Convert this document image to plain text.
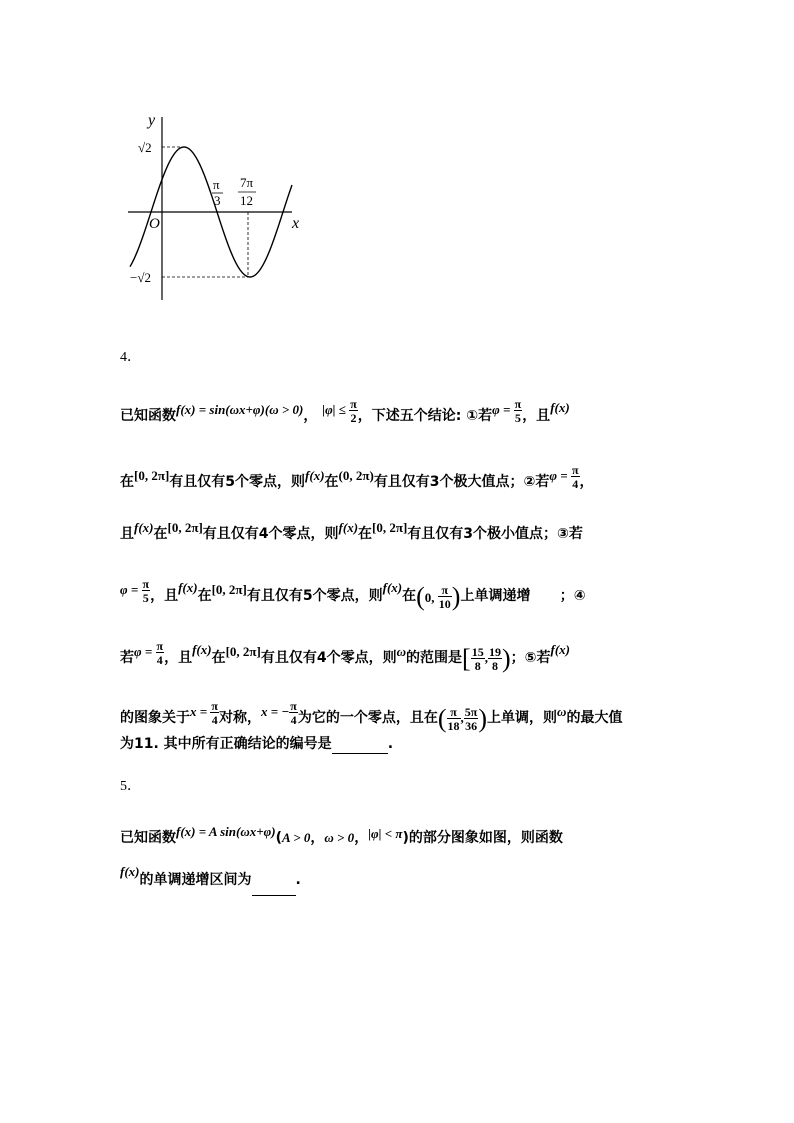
y
x
O
√2
−√2
π
3
7π
12
4．
已知函数f(x) = sin(ωx+φ)(ω > 0)， $|\varphi| \le \frac{\pi}{2}$ ，下述五个结论: ①若$\varphi = \frac{\pi}{5}$ ，且f(x)
在[0, 2π]有且仅有5个零点，则f(x)在(0, 2π)有且仅有3个极大值点；②若$\varphi = \frac{\pi}{4}$ ，
且f(x)在[0, 2π]有且仅有4个零点，则f(x)在[0, 2π]有且仅有3个极小值点；③若
$\varphi = \frac{\pi}{5}$ ，且f(x)在[0, 2π]有且仅有5个零点，则f(x)在(0, $\frac{\pi}{10}$ )上单调递增 ；④
若$\varphi = \frac{\pi}{4}$ ，且f(x)在[0, 2π]有且仅有4个零点，则ω的范围是[ $\frac{15}{8}$ , $\frac{19}{8}$ )；⑤若f(x)
的图象关于$x = \frac{\pi}{4}$ 对称，x = − $\frac{\pi}{4}$ 为它的一个零点，且在( $\frac{\pi}{18}$ , $\frac{5\pi}{36}$ )上单调，则ω的最大值
为11. 其中所有正确结论的编号是	.
5．
已知函数f(x) = A sin(ωx+φ)(A > 0，ω > 0，|φ| < π)的部分图象如图，则函数
f(x)的单调递增区间为	.
